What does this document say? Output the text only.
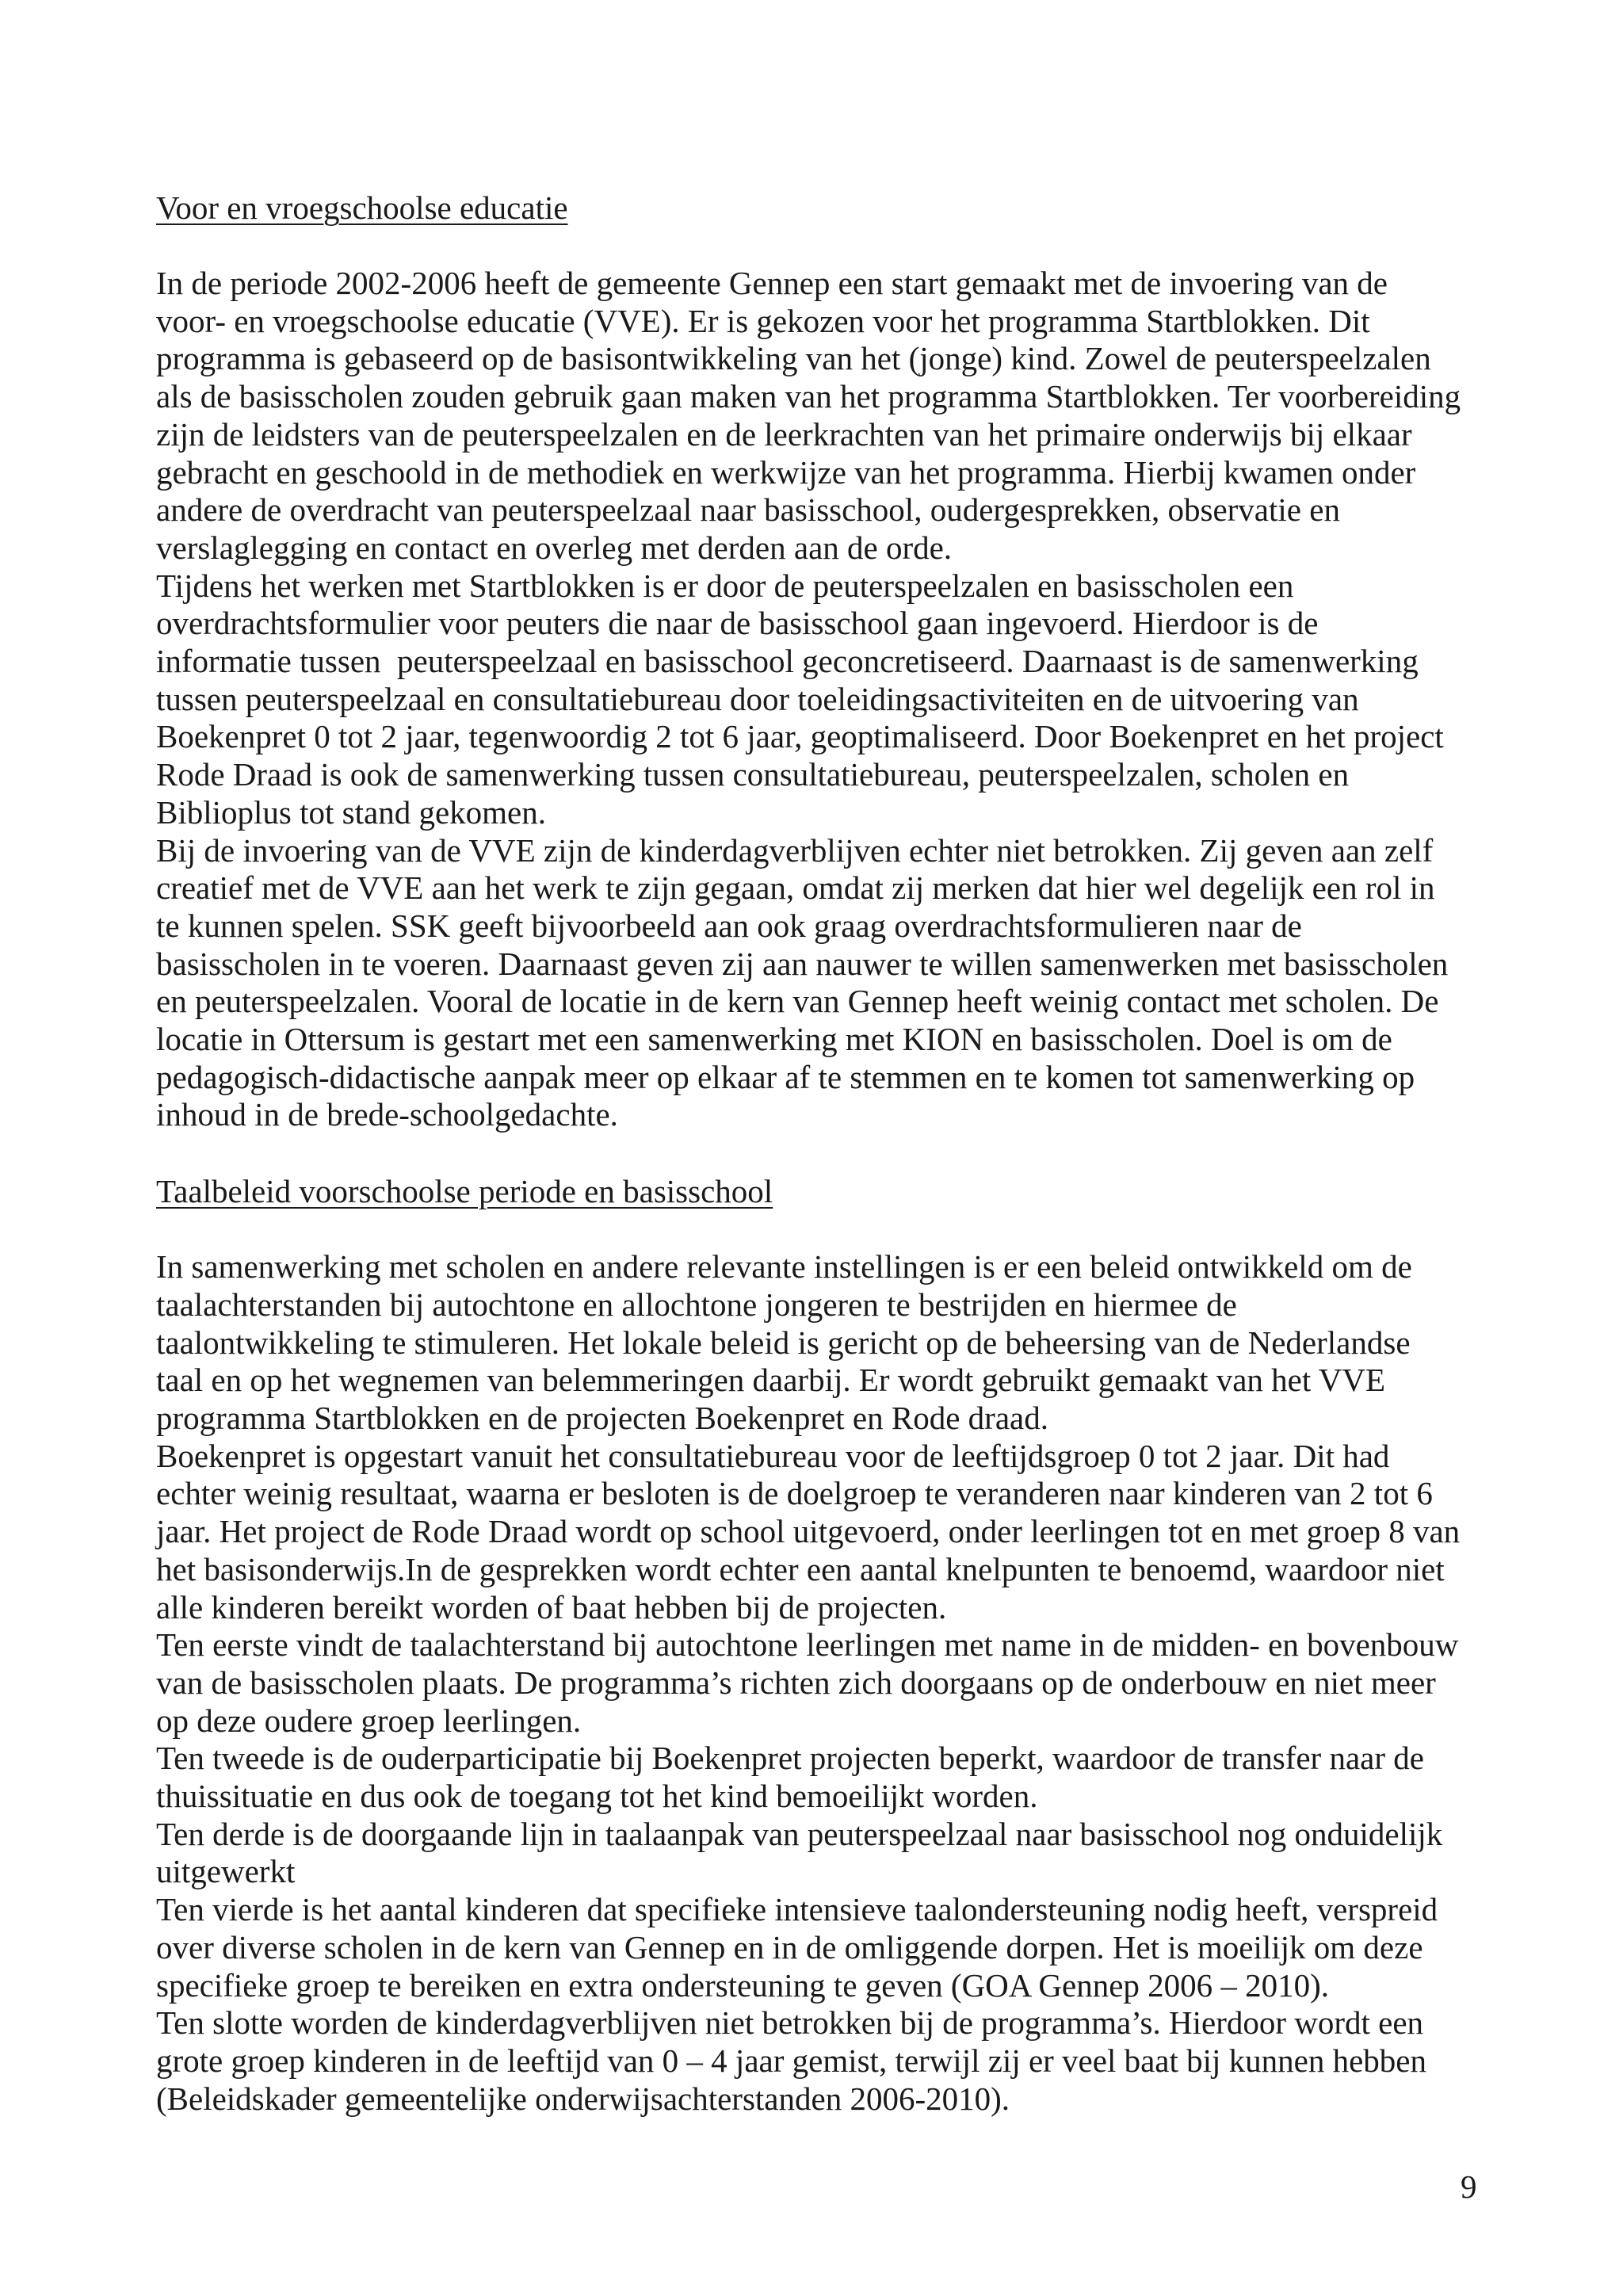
Voor en vroegschoolse educatie

In de periode 2002-2006 heeft de gemeente Gennep een start gemaakt met de invoering van de
voor- en vroegschoolse educatie (VVE). Er is gekozen voor het programma Startblokken. Dit
programma is gebaseerd op de basisontwikkeling van het (jonge) kind. Zowel de peuterspeelzalen
als de basisscholen zouden gebruik gaan maken van het programma Startblokken. Ter voorbereiding
zijn de leidsters van de peuterspeelzalen en de leerkrachten van het primaire onderwijs bij elkaar
gebracht en geschoold in de methodiek en werkwijze van het programma. Hierbij kwamen onder
andere de overdracht van peuterspeelzaal naar basisschool, oudergesprekken, observatie en
verslaglegging en contact en overleg met derden aan de orde.

Tijdens het werken met Startblokken is er door de peuterspeelzalen en basisscholen een
overdrachtsformulier voor peuters die naar de basisschool gaan ingevoerd. Hierdoor is de
informatie tussen  peuterspeelzaal en basisschool geconcretiseerd. Daarnaast is de samenwerking
tussen peuterspeelzaal en consultatiebureau door toeleidingsactiviteiten en de uitvoering van
Boekenpret 0 tot 2 jaar, tegenwoordig 2 tot 6 jaar, geoptimaliseerd. Door Boekenpret en het project
Rode Draad is ook de samenwerking tussen consultatiebureau, peuterspeelzalen, scholen en
Biblioplus tot stand gekomen.

Bij de invoering van de VVE zijn de kinderdagverblijven echter niet betrokken. Zij geven aan zelf
creatief met de VVE aan het werk te zijn gegaan, omdat zij merken dat hier wel degelijk een rol in
te kunnen spelen. SSK geeft bijvoorbeeld aan ook graag overdrachtsformulieren naar de
basisscholen in te voeren. Daarnaast geven zij aan nauwer te willen samenwerken met basisscholen
en peuterspeelzalen. Vooral de locatie in de kern van Gennep heeft weinig contact met scholen. De
locatie in Ottersum is gestart met een samenwerking met KION en basisscholen. Doel is om de
pedagogisch-didactische aanpak meer op elkaar af te stemmen en te komen tot samenwerking op
inhoud in de brede-schoolgedachte.

Taalbeleid voorschoolse periode en basisschool

In samenwerking met scholen en andere relevante instellingen is er een beleid ontwikkeld om de
taalachterstanden bij autochtone en allochtone jongeren te bestrijden en hiermee de
taalontwikkeling te stimuleren. Het lokale beleid is gericht op de beheersing van de Nederlandse
taal en op het wegnemen van belemmeringen daarbij. Er wordt gebruikt gemaakt van het VVE
programma Startblokken en de projecten Boekenpret en Rode draad.

Boekenpret is opgestart vanuit het consultatiebureau voor de leeftijdsgroep 0 tot 2 jaar. Dit had
echter weinig resultaat, waarna er besloten is de doelgroep te veranderen naar kinderen van 2 tot 6
jaar. Het project de Rode Draad wordt op school uitgevoerd, onder leerlingen tot en met groep 8 van
het basisonderwijs.In de gesprekken wordt echter een aantal knelpunten te benoemd, waardoor niet
alle kinderen bereikt worden of baat hebben bij de projecten.

Ten eerste vindt de taalachterstand bij autochtone leerlingen met name in de midden- en bovenbouw
van de basisscholen plaats. De programma’s richten zich doorgaans op de onderbouw en niet meer
op deze oudere groep leerlingen.

Ten tweede is de ouderparticipatie bij Boekenpret projecten beperkt, waardoor de transfer naar de
thuissituatie en dus ook de toegang tot het kind bemoeilijkt worden.

Ten derde is de doorgaande lijn in taalaanpak van peuterspeelzaal naar basisschool nog onduidelijk
uitgewerkt

Ten vierde is het aantal kinderen dat specifieke intensieve taalondersteuning nodig heeft, verspreid
over diverse scholen in de kern van Gennep en in de omliggende dorpen. Het is moeilijk om deze
specifieke groep te bereiken en extra ondersteuning te geven (GOA Gennep 2006 – 2010).

Ten slotte worden de kinderdagverblijven niet betrokken bij de programma’s. Hierdoor wordt een
grote groep kinderen in de leeftijd van 0 – 4 jaar gemist, terwijl zij er veel baat bij kunnen hebben
(Beleidskader gemeentelijke onderwijsachterstanden 2006-2010).

9
